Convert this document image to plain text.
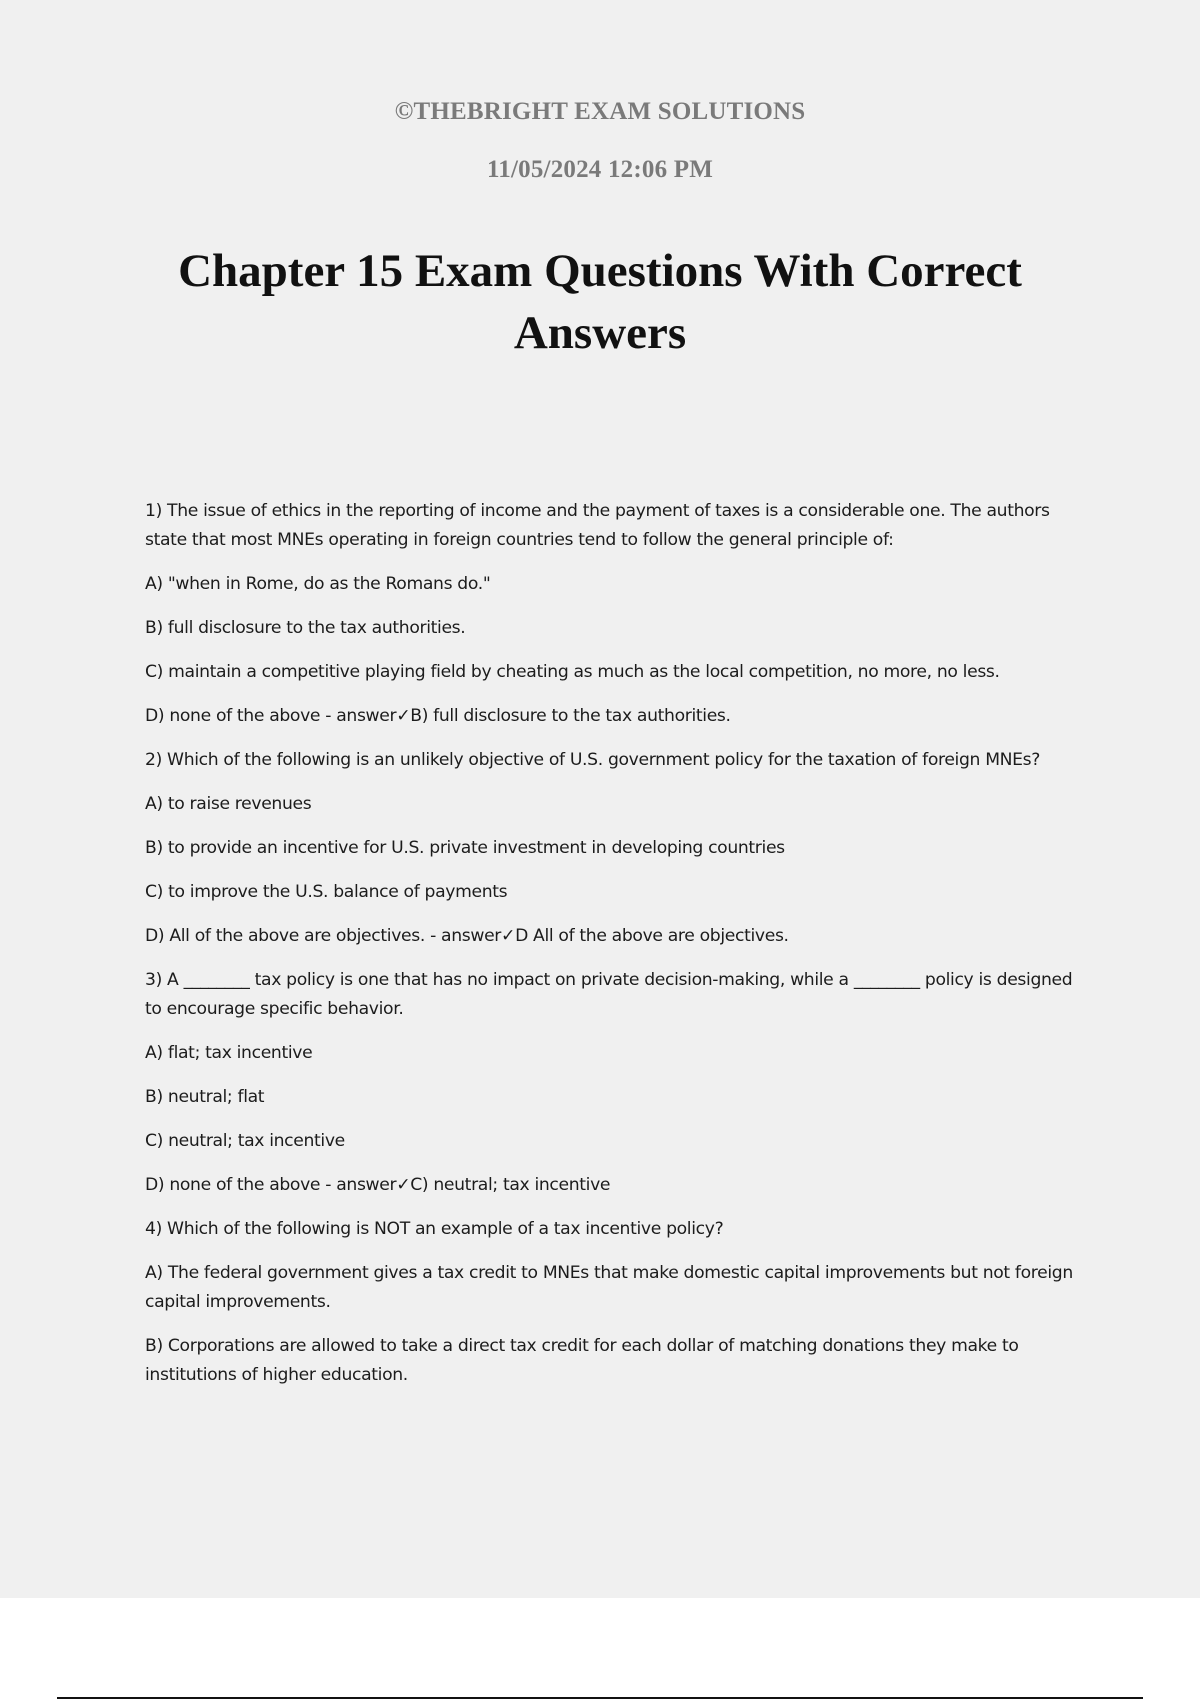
©THEBRIGHT EXAM SOLUTIONS
11/05/2024 12:06 PM
Chapter 15 Exam Questions With Correct Answers

1) The issue of ethics in the reporting of income and the payment of taxes is a considerable one. The authors state that most MNEs operating in foreign countries tend to follow the general principle of:

A) "when in Rome, do as the Romans do."

B) full disclosure to the tax authorities.

C) maintain a competitive playing field by cheating as much as the local competition, no more, no less.

D) none of the above - answer✓B) full disclosure to the tax authorities.

2) Which of the following is an unlikely objective of U.S. government policy for the taxation of foreign MNEs?

A) to raise revenues

B) to provide an incentive for U.S. private investment in developing countries

C) to improve the U.S. balance of payments

D) All of the above are objectives. - answer✓D All of the above are objectives.

3) A ________ tax policy is one that has no impact on private decision-making, while a ________ policy is designed to encourage specific behavior.

A) flat; tax incentive

B) neutral; flat

C) neutral; tax incentive

D) none of the above - answer✓C) neutral; tax incentive

4) Which of the following is NOT an example of a tax incentive policy?

A) The federal government gives a tax credit to MNEs that make domestic capital improvements but not foreign capital improvements.

B) Corporations are allowed to take a direct tax credit for each dollar of matching donations they make to institutions of higher education.
